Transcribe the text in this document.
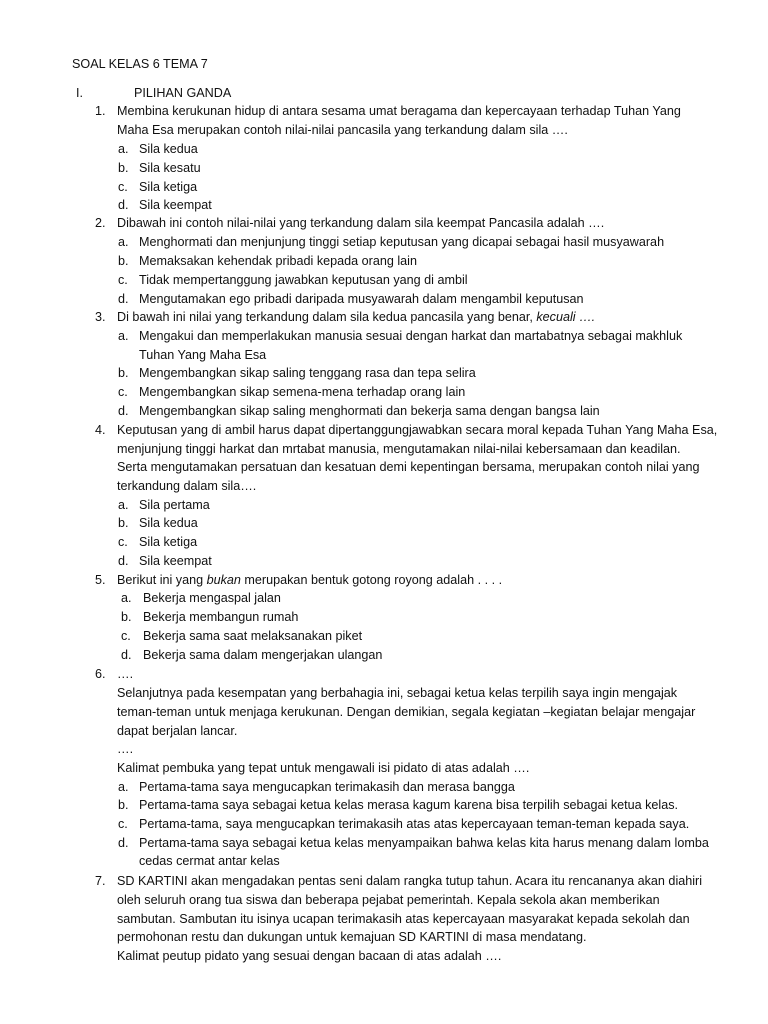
SOAL KELAS 6 TEMA 7
I.	PILIHAN GANDA
1. Membina kerukunan hidup di antara sesama umat beragama dan kepercayaan terhadap Tuhan Yang
Maha Esa merupakan contoh nilai-nilai pancasila yang terkandung dalam sila ….
a. Sila kedua
b. Sila kesatu
c. Sila ketiga
d. Sila keempat
2. Dibawah ini contoh nilai-nilai yang terkandung dalam sila keempat Pancasila adalah ….
a. Menghormati dan menjunjung tinggi setiap keputusan yang dicapai sebagai hasil musyawarah
b. Memaksakan kehendak pribadi kepada orang lain
c. Tidak mempertanggung jawabkan keputusan yang di ambil
d. Mengutamakan ego pribadi daripada musyawarah dalam mengambil keputusan
3. Di bawah ini nilai yang terkandung dalam sila kedua pancasila yang benar, kecuali ….
a. Mengakui dan memperlakukan manusia sesuai dengan harkat dan martabatnya sebagai makhluk
Tuhan Yang Maha Esa
b. Mengembangkan sikap saling tenggang rasa dan tepa selira
c. Mengembangkan sikap semena-mena terhadap orang lain
d. Mengembangkan sikap saling menghormati dan bekerja sama dengan bangsa lain
4. Keputusan yang di ambil harus dapat dipertanggungjawabkan secara moral kepada Tuhan Yang Maha Esa,
menjunjung tinggi harkat dan mrtabat manusia, mengutamakan nilai-nilai kebersamaan dan keadilan.
Serta mengutamakan persatuan dan kesatuan demi kepentingan bersama, merupakan contoh nilai yang
terkandung dalam sila….
a. Sila pertama
b. Sila kedua
c. Sila ketiga
d. Sila keempat
5. Berikut ini yang bukan merupakan bentuk gotong royong adalah . . . .
a. Bekerja mengaspal jalan
b. Bekerja membangun rumah
c. Bekerja sama saat melaksanakan piket
d. Bekerja sama dalam mengerjakan ulangan
6. ….
Selanjutnya pada kesempatan yang berbahagia ini, sebagai ketua kelas terpilih saya ingin mengajak
teman-teman untuk menjaga kerukunan. Dengan demikian, segala kegiatan –kegiatan belajar mengajar
dapat berjalan lancar.
….
Kalimat pembuka yang tepat untuk mengawali isi pidato di atas adalah ….
a. Pertama-tama saya mengucapkan terimakasih dan merasa bangga
b. Pertama-tama saya sebagai ketua kelas merasa kagum karena bisa terpilih sebagai ketua kelas.
c. Pertama-tama, saya mengucapkan terimakasih atas atas kepercayaan teman-teman kepada saya.
d. Pertama-tama saya sebagai ketua kelas menyampaikan bahwa kelas kita harus menang dalam lomba
cedas cermat antar kelas
7. SD KARTINI akan mengadakan pentas seni dalam rangka tutup tahun. Acara itu rencananya akan diahiri
oleh seluruh orang tua siswa dan beberapa pejabat pemerintah. Kepala sekola akan memberikan
sambutan. Sambutan itu isinya ucapan terimakasih atas kepercayaan masyarakat kepada sekolah dan
permohonan restu dan dukungan untuk kemajuan SD KARTINI di masa mendatang.
Kalimat peutup pidato yang sesuai dengan bacaan di atas adalah ….
